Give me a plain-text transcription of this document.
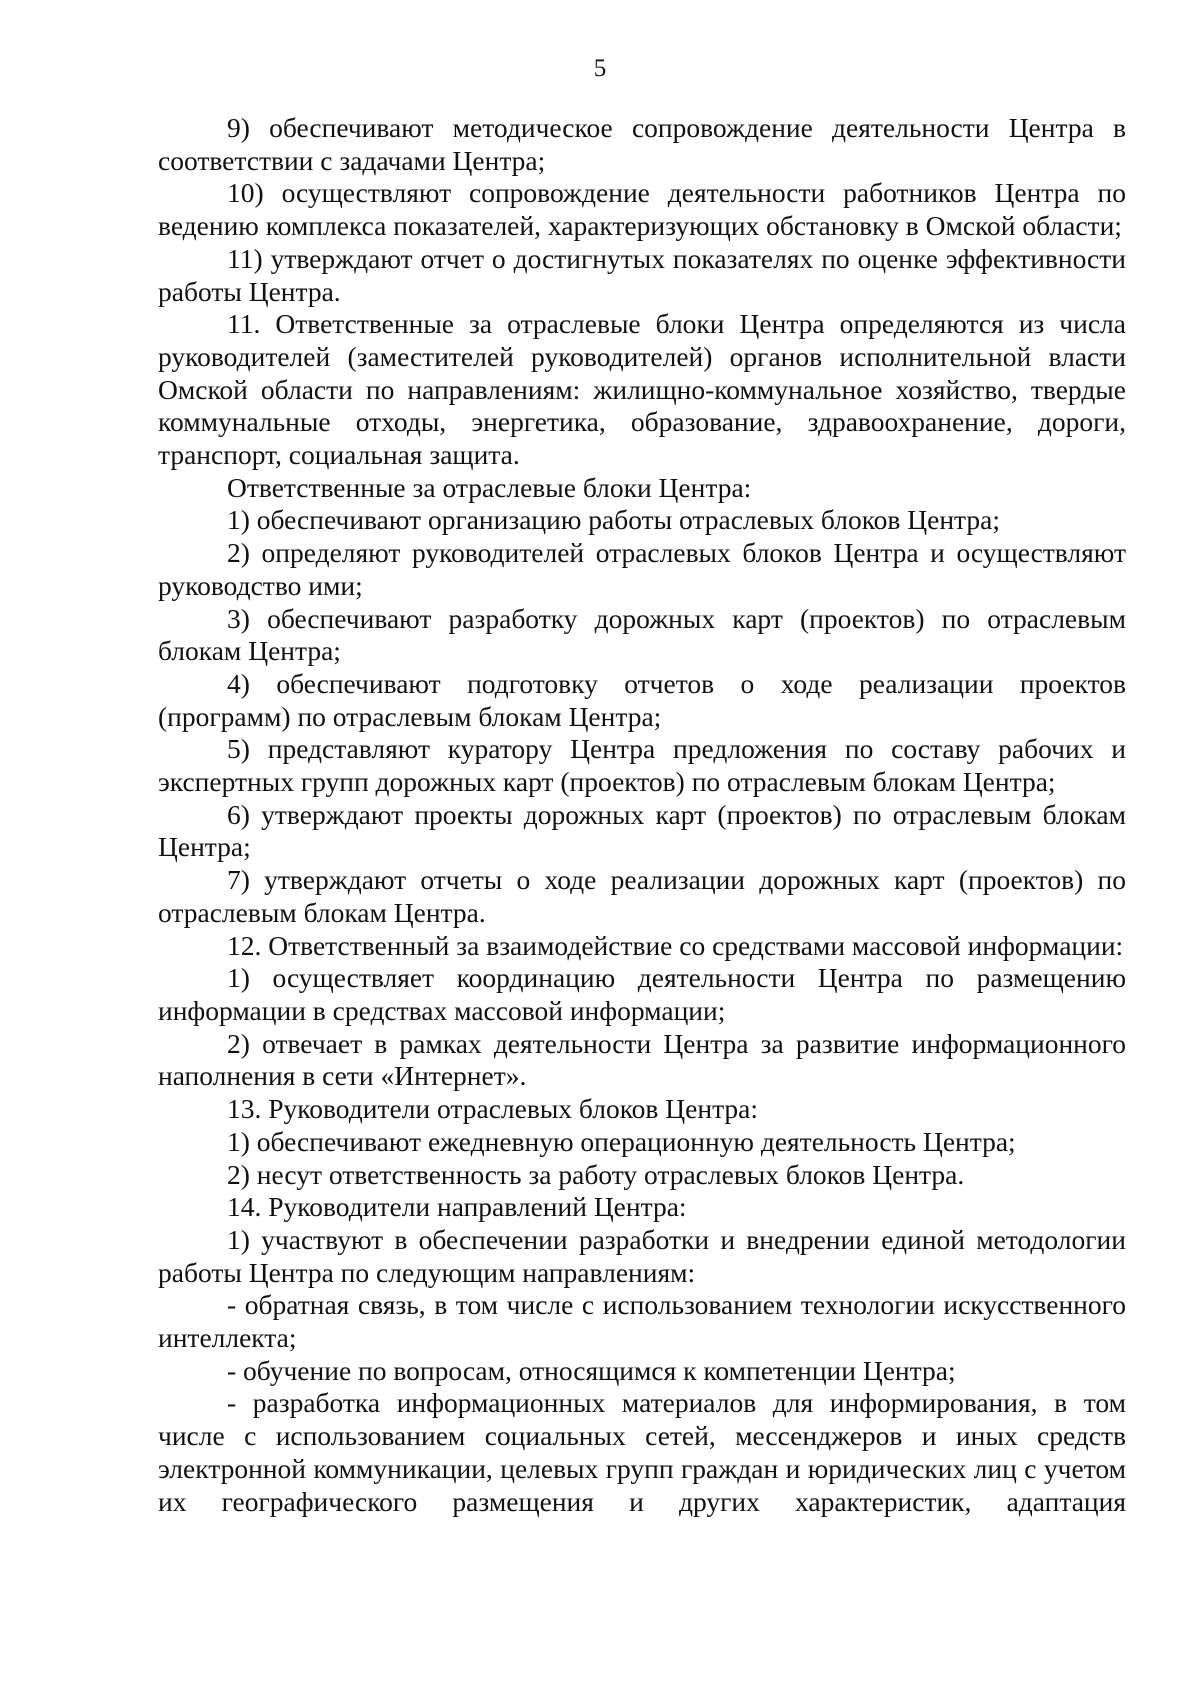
5

9) обеспечивают методическое сопровождение деятельности Центра в соответствии с задачами Центра;

10) осуществляют сопровождение деятельности работников Центра по ведению комплекса показателей, характеризующих обстановку в Омской области;

11) утверждают отчет о достигнутых показателях по оценке эффективности работы Центра.

11. Ответственные за отраслевые блоки Центра определяются из числа руководителей (заместителей руководителей) органов исполнительной власти Омской области по направлениям: жилищно-коммунальное хозяйство, твердые коммунальные отходы, энергетика, образование, здравоохранение, дороги, транспорт, социальная защита.

Ответственные за отраслевые блоки Центра:

1) обеспечивают организацию работы отраслевых блоков Центра;

2) определяют руководителей отраслевых блоков Центра и осуществляют руководство ими;

3) обеспечивают разработку дорожных карт (проектов) по отраслевым блокам Центра;

4) обеспечивают подготовку отчетов о ходе реализации проектов (программ) по отраслевым блокам Центра;

5) представляют куратору Центра предложения по составу рабочих и экспертных групп дорожных карт (проектов) по отраслевым блокам Центра;

6) утверждают проекты дорожных карт (проектов) по отраслевым блокам Центра;

7) утверждают отчеты о ходе реализации дорожных карт (проектов) по отраслевым блокам Центра.

12. Ответственный за взаимодействие со средствами массовой информации:

1) осуществляет координацию деятельности Центра по размещению информации в средствах массовой информации;

2) отвечает в рамках деятельности Центра за развитие информационного наполнения в сети «Интернет».

13. Руководители отраслевых блоков Центра:

1) обеспечивают ежедневную операционную деятельность Центра;

2) несут ответственность за работу отраслевых блоков Центра.

14. Руководители направлений Центра:

1) участвуют в обеспечении разработки и внедрении единой методологии работы Центра по следующим направлениям:

- обратная связь, в том числе с использованием технологии искусственного интеллекта;

- обучение по вопросам, относящимся к компетенции Центра;

- разработка информационных материалов для информирования, в том числе с использованием социальных сетей, мессенджеров и иных средств электронной коммуникации, целевых групп граждан и юридических лиц с учетом их географического размещения и других характеристик, адаптация
